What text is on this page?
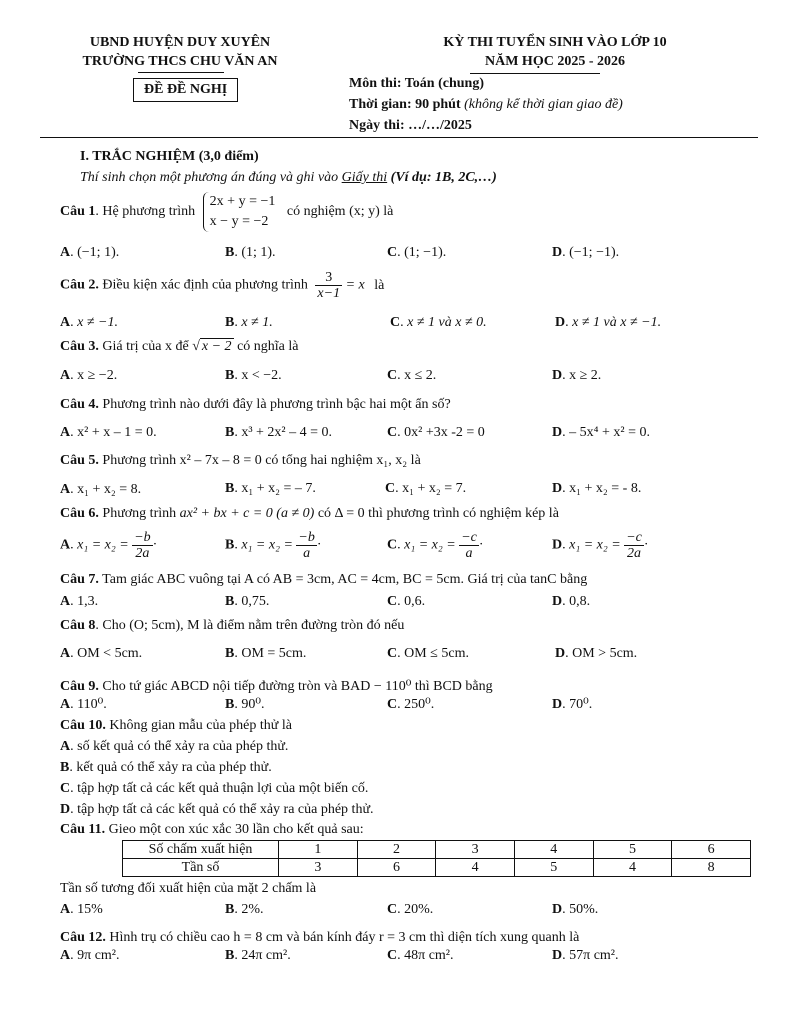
UBND HUYỆN DUY XUYÊN
TRƯỜNG THCS CHU VĂN AN
ĐỀ ĐỀ NGHỊ
KỲ THI TUYỂN SINH VÀO LỚP 10
NĂM HỌC 2025 - 2026
Môn thi: Toán (chung)
Thời gian: 90 phút (không kể thời gian giao đề)
Ngày thi: …/…/2025
I. TRẮC NGHIỆM (3,0 điểm)
Thí sinh chọn một phương án đúng và ghi vào Giấy thi (Ví dụ: 1B, 2C,…)
Câu 1. Hệ phương trình
2x + y = −1
x − y = −2
có nghiệm (x; y) là
A. (−1; 1).	B. (1; 1).	C. (1; −1).	D. (−1; −1).
Câu 2. Điều kiện xác định của phương trình $\frac{3}{x-1} = x$ là
A. x ≠ −1.	B. x ≠ 1.	C. x ≠ 1 và x ≠ 0.	D. x ≠ 1 và x ≠ −1.
Câu 3. Giá trị của x để √ x − 2 có nghĩa là
A. x ≥ −2.	B. x < −2.	C. x ≤ 2.	D. x ≥ 2.
Câu 4. Phương trình nào dưới đây là phương trình bậc hai một ẩn số?
A. x² + x – 1 = 0.	B. x³ + 2x² – 4 = 0.	C. 0x² +3x -2 = 0	D. – 5x⁴ + x² = 0.
Câu 5. Phương trình x² – 7x – 8 = 0 có tổng hai nghiệm x₁, x₂ là
A. x₁ + x₂ = 8.	B. x₁ + x₂ = – 7.	C. x₁ + x₂ = 7.	D. x₁ + x₂ = - 8.
Câu 6. Phương trình ax² + bx + c = 0 (a ≠ 0) có Δ = 0 thì phương trình có nghiệm kép là
A. $x_1 = x_2 = \frac{-b}{2a}$ ·	B. $x_1 = x_2 = \frac{-b}{a}$ ·	C. $x_1 = x_2 = \frac{-c}{a}$ ·	D. $x_1 = x_2 = \frac{-c}{2a}$ ·
Câu 7. Tam giác ABC vuông tại A có AB = 3cm, AC = 4cm, BC = 5cm. Giá trị của tanC bằng
A. 1,3.	B. 0,75.	C. 0,6.	D. 0,8.
Câu 8. Cho (O; 5cm), M là điểm nằm trên đường tròn đó nếu
A. OM < 5cm.	B. OM = 5cm.	C. OM ≤ 5cm.	D. OM > 5cm.
Câu 9. Cho tứ giác ABCD nội tiếp đường tròn và BAD − 110⁰ thì BCD bằng
A. 110⁰.	B. 90⁰.	C. 250⁰.	D. 70⁰.
Câu 10. Không gian mẫu của phép thử là
A. số kết quả có thể xảy ra của phép thử.
B. kết quả có thể xảy ra của phép thử.
C. tập hợp tất cả các kết quả thuận lợi của một biến cố.
D. tập hợp tất cả các kết quả có thể xảy ra của phép thử.
Câu 11. Gieo một con xúc xắc 30 lần cho kết quả sau:
Số chấm xuất hiện	1	2	3	4	5	6
Tần số	3	6	4	5	4	8
Tần số tương đối xuất hiện của mặt 2 chấm là
A. 15%	B. 2%.	C. 20%.	D. 50%.
Câu 12. Hình trụ có chiều cao h = 8 cm và bán kính đáy r = 3 cm thì diện tích xung quanh là
A. 9π cm².	B. 24π cm².	C. 48π cm².	D. 57π cm².
